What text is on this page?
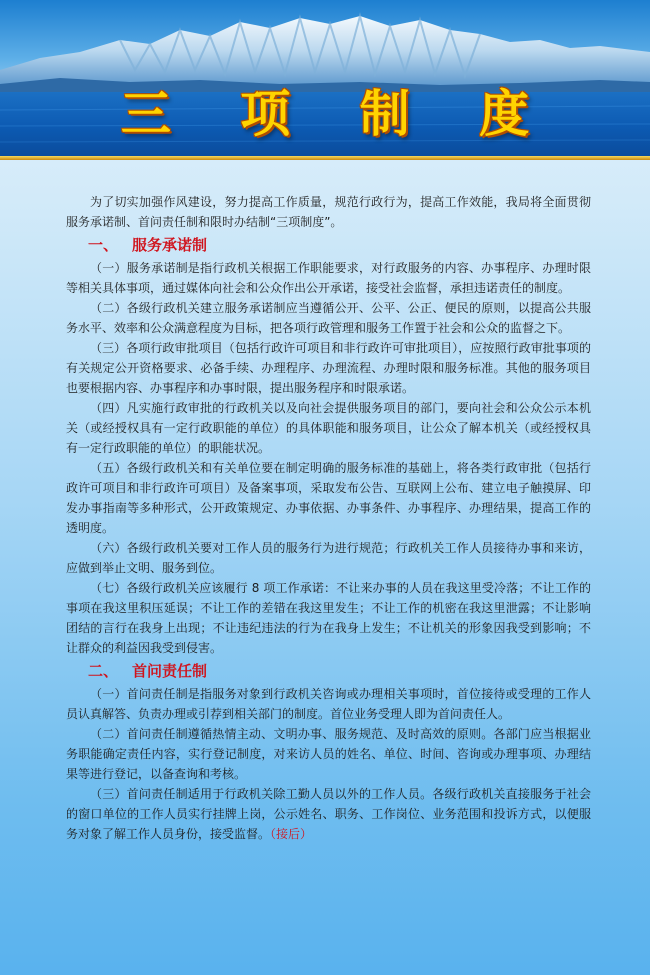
三 项 制 度

为了切实加强作风建设，努力提高工作质量，规范行政行为，提高工作效能，我局将全面贯彻服务承诺制、首问责任制和限时办结制“三项制度”。

一、 服务承诺制

（一）服务承诺制是指行政机关根据工作职能要求，对行政服务的内容、办事程序、办理时限等相关具体事项，通过媒体向社会和公众作出公开承诺，接受社会监督，承担违诺责任的制度。

（二）各级行政机关建立服务承诺制应当遵循公开、公平、公正、便民的原则，以提高公共服务水平、效率和公众满意程度为目标，把各项行政管理和服务工作置于社会和公众的监督之下。

（三）各项行政审批项目（包括行政许可项目和非行政许可审批项目），应按照行政审批事项的有关规定公开资格要求、必备手续、办理程序、办理流程、办理时限和服务标准。其他的服务项目也要根据内容、办事程序和办事时限，提出服务程序和时限承诺。

（四）凡实施行政审批的行政机关以及向社会提供服务项目的部门，要向社会和公众公示本机关（或经授权具有一定行政职能的单位）的具体职能和服务项目，让公众了解本机关（或经授权具有一定行政职能的单位）的职能状况。

（五）各级行政机关和有关单位要在制定明确的服务标准的基础上，将各类行政审批（包括行政许可项目和非行政许可项目）及备案事项，采取发布公告、互联网上公布、建立电子触摸屏、印发办事指南等多种形式，公开政策规定、办事依据、办事条件、办事程序、办理结果，提高工作的透明度。

（六）各级行政机关要对工作人员的服务行为进行规范；行政机关工作人员接待办事和来访，应做到举止文明、服务到位。

（七）各级行政机关应该履行 8 项工作承诺：不让来办事的人员在我这里受冷落；不让工作的事项在我这里积压延误；不让工作的差错在我这里发生；不让工作的机密在我这里泄露；不让影响团结的言行在我身上出现；不让违纪违法的行为在我身上发生；不让机关的形象因我受到影响；不让群众的利益因我受到侵害。

二、 首问责任制

（一）首问责任制是指服务对象到行政机关咨询或办理相关事项时，首位接待或受理的工作人员认真解答、负责办理或引荐到相关部门的制度。首位业务受理人即为首问责任人。

（二）首问责任制遵循热情主动、文明办事、服务规范、及时高效的原则。各部门应当根据业务职能确定责任内容，实行登记制度，对来访人员的姓名、单位、时间、咨询或办理事项、办理结果等进行登记，以备查询和考核。

（三）首问责任制适用于行政机关除工勤人员以外的工作人员。各级行政机关直接服务于社会的窗口单位的工作人员实行挂牌上岗，公示姓名、职务、工作岗位、业务范围和投诉方式，以便服务对象了解工作人员身份，接受监督。（接后）
